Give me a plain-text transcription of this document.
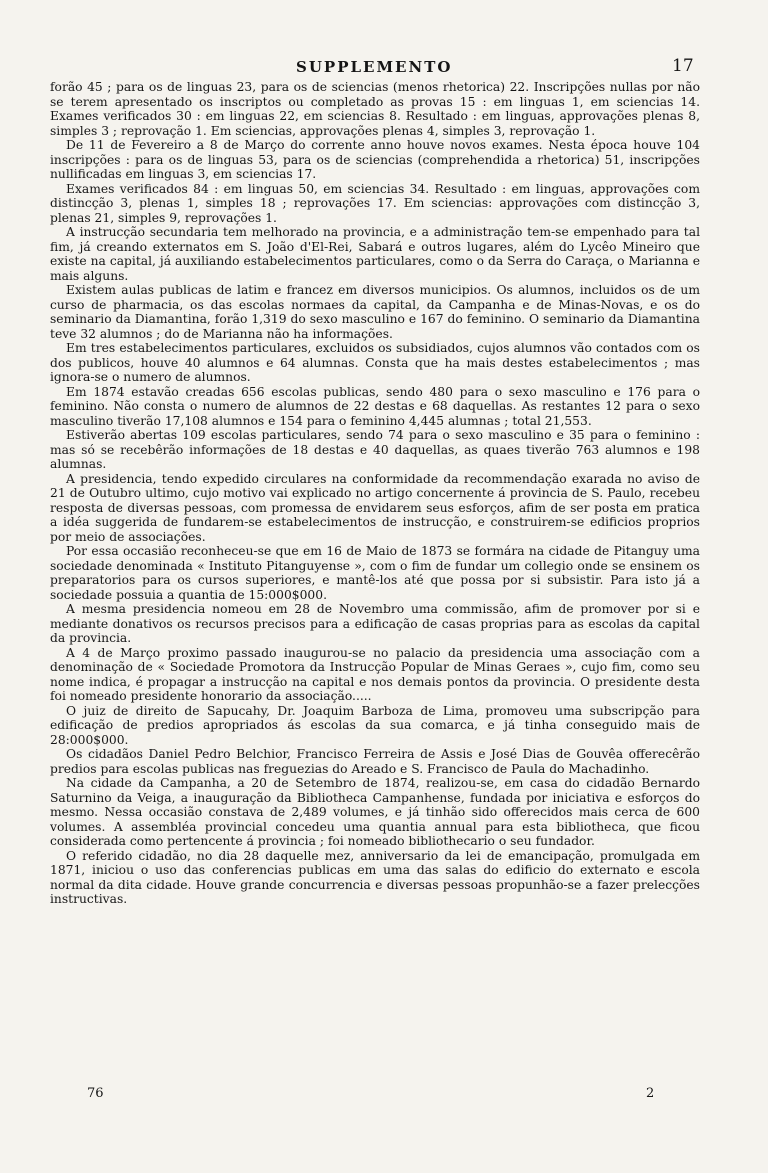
SUPPLEMENTO	17

forão 45 ; para os de linguas 23, para os de sciencias (menos rhetorica) 22. Inscripções nullas por não se terem apresentado os inscriptos ou completado as provas 15 : em linguas 1, em sciencias 14. Exames verificados 30 : em linguas 22, em sciencias 8. Resultado : em linguas, approvações plenas 8, simples 3 ; reprovação 1. Em sciencias, approvações plenas 4, simples 3, reprovação 1.

De 11 de Fevereiro a 8 de Março do corrente anno houve novos exames. Nesta época houve 104 inscripções : para os de linguas 53, para os de sciencias (comprehendida a rhetorica) 51, inscripções nullificadas em linguas 3, em sciencias 17.

Exames verificados 84 : em linguas 50, em sciencias 34. Resultado : em linguas, approvações com distincção 3, plenas 1, simples 18 ; reprovações 17. Em sciencias: approvações com distincção 3, plenas 21, simples 9, reprovações 1.

A instrucção secundaria tem melhorado na provincia, e a administração tem-se empenhado para tal fim, já creando externatos em S. João d'El-Rei, Sabará e outros lugares, além do Lycêo Mineiro que existe na capital, já auxiliando estabelecimentos particulares, como o da Serra do Caraça, o Marianna e mais alguns.

Existem aulas publicas de latim e francez em diversos municipios. Os alumnos, incluidos os de um curso de pharmacia, os das escolas normaes da capital, da Campanha e de Minas-Novas, e os do seminario da Diamantina, forão 1,319 do sexo masculino e 167 do feminino. O seminario da Diamantina teve 32 alumnos ; do de Marianna não ha informações.

Em tres estabelecimentos particulares, excluidos os subsidiados, cujos alumnos vão contados com os dos publicos, houve 40 alumnos e 64 alumnas. Consta que ha mais destes estabelecimentos ; mas ignora-se o numero de alumnos.

Em 1874 estavão creadas 656 escolas publicas, sendo 480 para o sexo masculino e 176 para o feminino. Não consta o numero de alumnos de 22 destas e 68 daquellas. As restantes 12 para o sexo masculino tiverão 17,108 alumnos e 154 para o feminino 4,445 alumnas ; total 21,553.

Estiverão abertas 109 escolas particulares, sendo 74 para o sexo masculino e 35 para o feminino : mas só se recebêrão informações de 18 destas e 40 daquellas, as quaes tiverão 763 alumnos e 198 alumnas.

A presidencia, tendo expedido circulares na conformidade da recommendação exarada no aviso de 21 de Outubro ultimo, cujo motivo vai explicado no artigo concernente á provincia de S. Paulo, recebeu resposta de diversas pessoas, com promessa de envidarem seus esforços, afim de ser posta em pratica a idéa suggerida de fundarem-se estabelecimentos de instrucção, e construirem-se edificios proprios por meio de associações.

Por essa occasião reconheceu-se que em 16 de Maio de 1873 se formára na cidade de Pitanguy uma sociedade denominada « Instituto Pitanguyense », com o fim de fundar um collegio onde se ensinem os preparatorios para os cursos superiores, e mantê-los até que possa por si subsistir. Para isto já a sociedade possuia a quantia de 15:000$000.

A mesma presidencia nomeou em 28 de Novembro uma commissão, afim de promover por si e mediante donativos os recursos precisos para a edificação de casas proprias para as escolas da capital da provincia.

A 4 de Março proximo passado inaugurou-se no palacio da presidencia uma associação com a denominação de « Sociedade Promotora da Instrucção Popular de Minas Geraes », cujo fim, como seu nome indica, é propagar a instrucção na capital e nos demais pontos da provincia. O presidente desta foi nomeado presidente honorario da associação.....

O juiz de direito de Sapucahy, Dr. Joaquim Barboza de Lima, promoveu uma subscripção para edificação de predios apropriados ás escolas da sua comarca, e já tinha conseguido mais de 28:000$000.

Os cidadãos Daniel Pedro Belchior, Francisco Ferreira de Assis e José Dias de Gouvêa offerecêrão predios para escolas publicas nas freguezias do Areado e S. Francisco de Paula do Machadinho.

Na cidade da Campanha, a 20 de Setembro de 1874, realizou-se, em casa do cidadão Bernardo Saturnino da Veiga, a inauguração da Bibliotheca Campanhense, fundada por iniciativa e esforços do mesmo. Nessa occasião constava de 2,489 volumes, e já tinhão sido offerecidos mais cerca de 600 volumes. A assembléa provincial concedeu uma quantia annual para esta bibliotheca, que ficou considerada como pertencente á provincia ; foi nomeado bibliothecario o seu fundador.

O referido cidadão, no dia 28 daquelle mez, anniversario da lei de emancipação, promulgada em 1871, iniciou o uso das conferencias publicas em uma das salas do edificio do externato e escola normal da dita cidade. Houve grande concurrencia e diversas pessoas propunhão-se a fazer prelecções instructivas.

76	2
